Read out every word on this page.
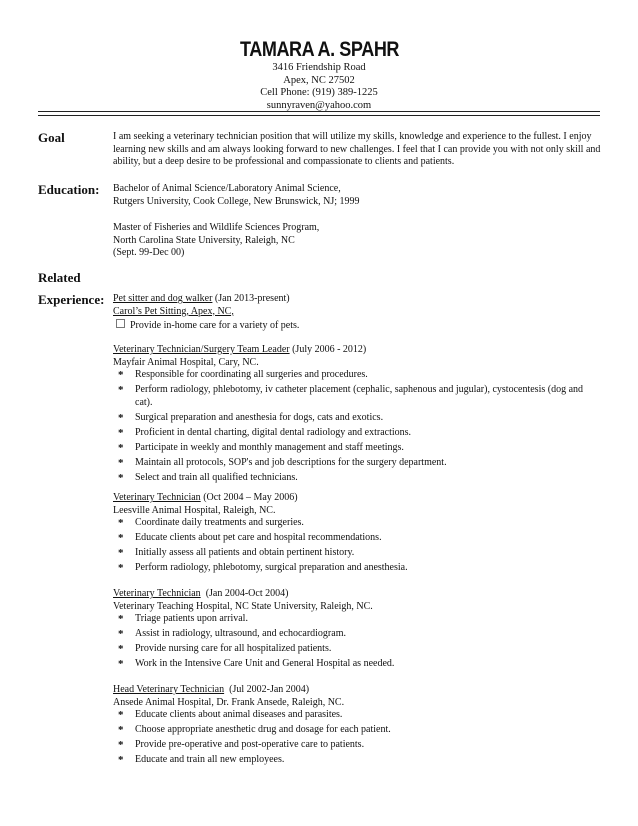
TAMARA A. SPAHR
3416 Friendship Road
Apex, NC 27502
Cell Phone: (919) 389-1225
sunnyraven@yahoo.com
Goal	I am seeking a veterinary technician position that will utilize my skills, knowledge and experience to the fullest. I enjoy learning new skills and am always looking forward to new challenges. I feel that I can provide you with not only skill and ability, but a deep desire to be professional and compassionate to clients and patients.

Education: Bachelor of Animal Science/Laboratory Animal Science,
Rutgers University, Cook College, New Brunswick, NJ; 1999
Master of Fisheries and Wildlife Sciences Program,
North Carolina State University, Raleigh, NC
(Sept. 99-Dec 00)
Related
Experience: Pet sitter and dog walker (Jan 2013-present)
Carol’s Pet Sitting, Apex, NC,
Provide in-home care for a variety of pets.
Veterinary Technician/Surgery Team Leader (July 2006 - 2012)
Mayfair Animal Hospital, Cary, NC.
* Responsible for coordinating all surgeries and procedures.
* Perform radiology, phlebotomy, iv catheter placement (cephalic, saphenous and jugular), cystocentesis (dog and cat).
* Surgical preparation and anesthesia for dogs, cats and exotics.
* Proficient in dental charting, digital dental radiology and extractions.
* Participate in weekly and monthly management and staff meetings.
* Maintain all protocols, SOP's and job descriptions for the surgery department.
* Select and train all qualified technicians.
Veterinary Technician (Oct 2004 – May 2006)
Leesville Animal Hospital, Raleigh, NC.
* Coordinate daily treatments and surgeries.
* Educate clients about pet care and hospital recommendations.
* Initially assess all patients and obtain pertinent history.
* Perform radiology, phlebotomy, surgical preparation and anesthesia.
Veterinary Technician  (Jan 2004-Oct 2004)
Veterinary Teaching Hospital, NC State University, Raleigh, NC.
* Triage patients upon arrival.
* Assist in radiology, ultrasound, and echocardiogram.
* Provide nursing care for all hospitalized patients.
* Work in the Intensive Care Unit and General Hospital as needed.
Head Veterinary Technician  (Jul 2002-Jan 2004)
Ansede Animal Hospital, Dr. Frank Ansede, Raleigh, NC.
* Educate clients about animal diseases and parasites.
* Choose appropriate anesthetic drug and dosage for each patient.
* Provide pre-operative and post-operative care to patients.
* Educate and train all new employees.
